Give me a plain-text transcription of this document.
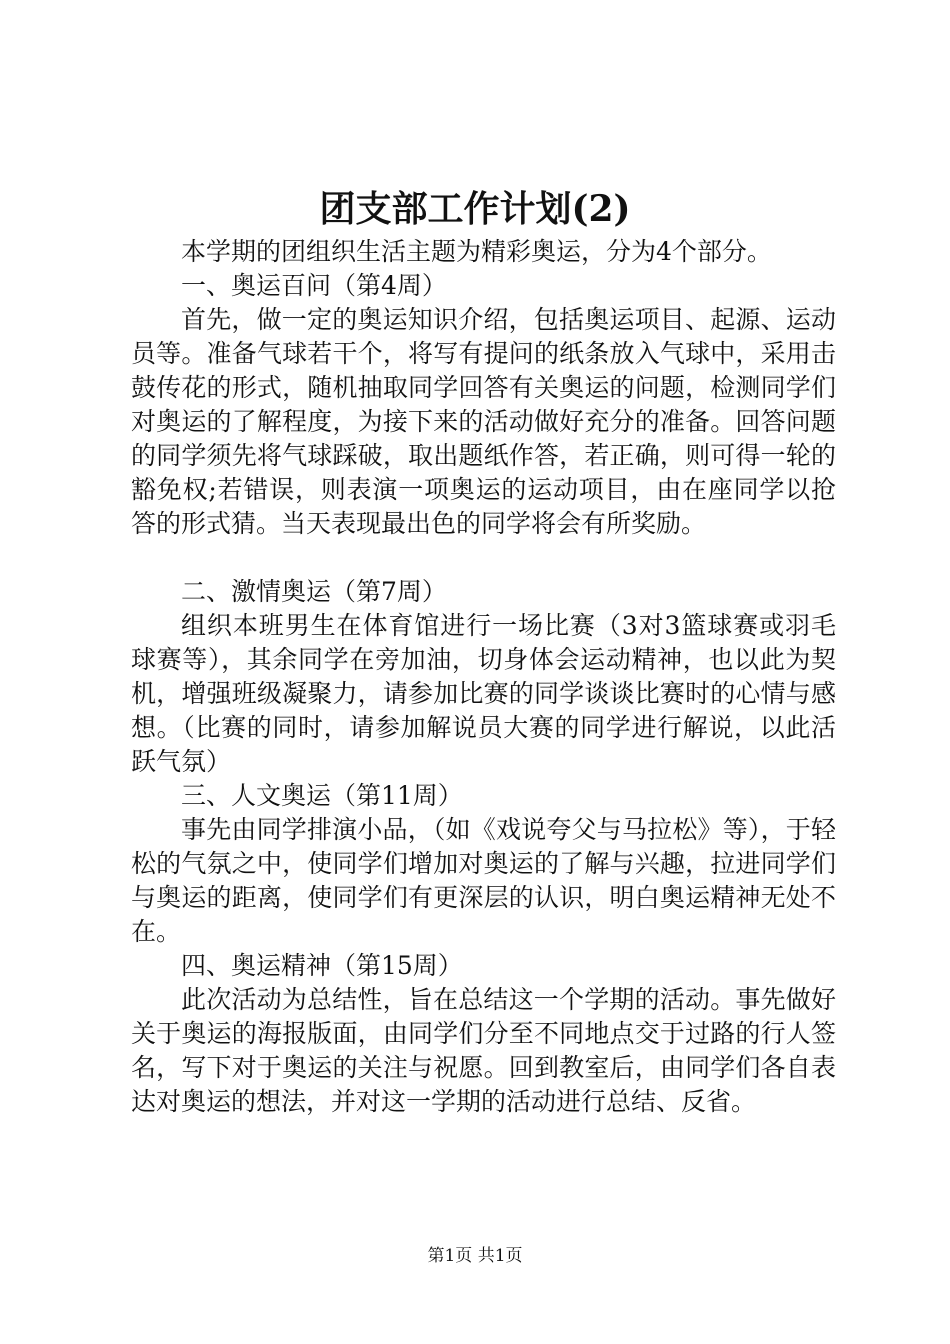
团支部工作计划(2)

本学期的团组织生活主题为精彩奥运，分为4个部分。

一、奥运百问（第4周）

首先，做一定的奥运知识介绍，包括奥运项目、起源、运动员等。准备气球若干个，将写有提问的纸条放入气球中，采用击鼓传花的形式，随机抽取同学回答有关奥运的问题，检测同学们对奥运的了解程度，为接下来的活动做好充分的准备。回答问题的同学须先将气球踩破，取出题纸作答，若正确，则可得一轮的豁免权;若错误，则表演一项奥运的运动项目，由在座同学以抢答的形式猜。当天表现最出色的同学将会有所奖励。

二、激情奥运（第7周）

组织本班男生在体育馆进行一场比赛（3对3篮球赛或羽毛球赛等），其余同学在旁加油，切身体会运动精神，也以此为契机，增强班级凝聚力，请参加比赛的同学谈谈比赛时的心情与感想。（比赛的同时，请参加解说员大赛的同学进行解说，以此活跃气氛）

三、人文奥运（第11周）

事先由同学排演小品，（如《戏说夸父与马拉松》等），于轻松的气氛之中，使同学们增加对奥运的了解与兴趣，拉进同学们与奥运的距离，使同学们有更深层的认识，明白奥运精神无处不在。

四、奥运精神（第15周）

此次活动为总结性，旨在总结这一个学期的活动。事先做好关于奥运的海报版面，由同学们分至不同地点交于过路的行人签名，写下对于奥运的关注与祝愿。回到教室后，由同学们各自表达对奥运的想法，并对这一学期的活动进行总结、反省。

第1页 共1页
